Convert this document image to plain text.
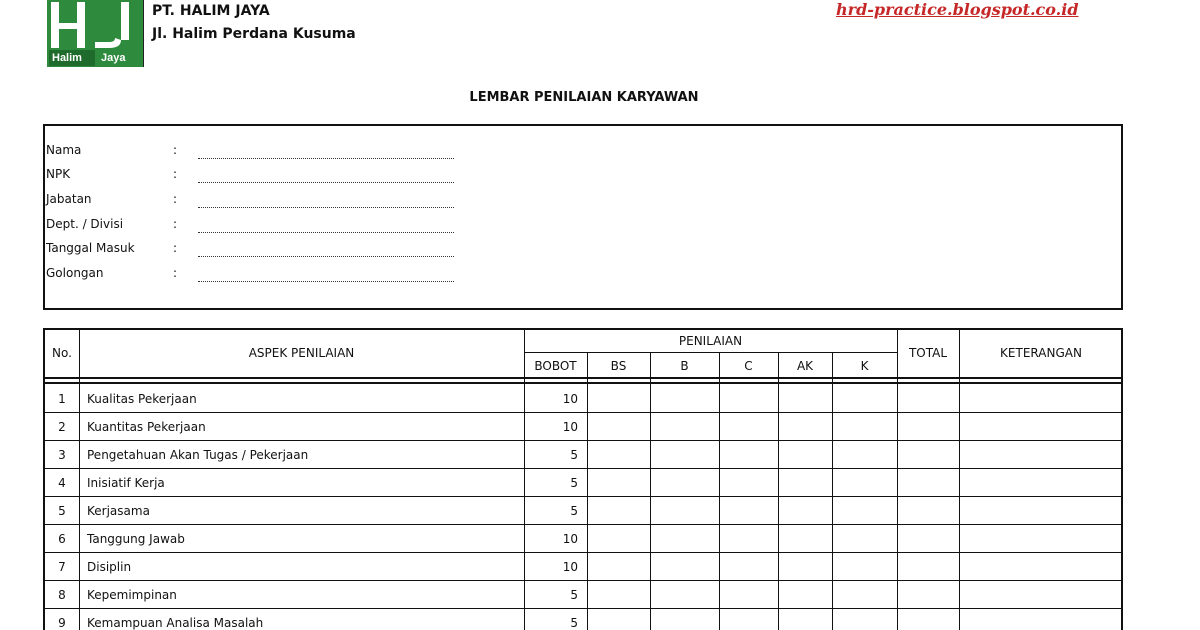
Halim Jaya
PT. HALIM JAYA
Jl. Halim Perdana Kusuma
hrd-practice.blogspot.co.id
LEMBAR PENILAIAN KARYAWAN
Nama	:
NPK	:
Jabatan	:
Dept. / Divisi	:
Tanggal Masuk	:
Golongan	:
No.	ASPEK PENILAIAN
PENILAIAN
BOBOT	BS	B	C	AK	K
TOTAL	KETERANGAN
1	Kualitas Pekerjaan	10
2	Kuantitas Pekerjaan	10
3	Pengetahuan Akan Tugas / Pekerjaan	5
4	Inisiatif Kerja	5
5	Kerjasama	5
6	Tanggung Jawab	10
7	Disiplin	10
8	Kepemimpinan	5
9	Kemampuan Analisa Masalah	5
